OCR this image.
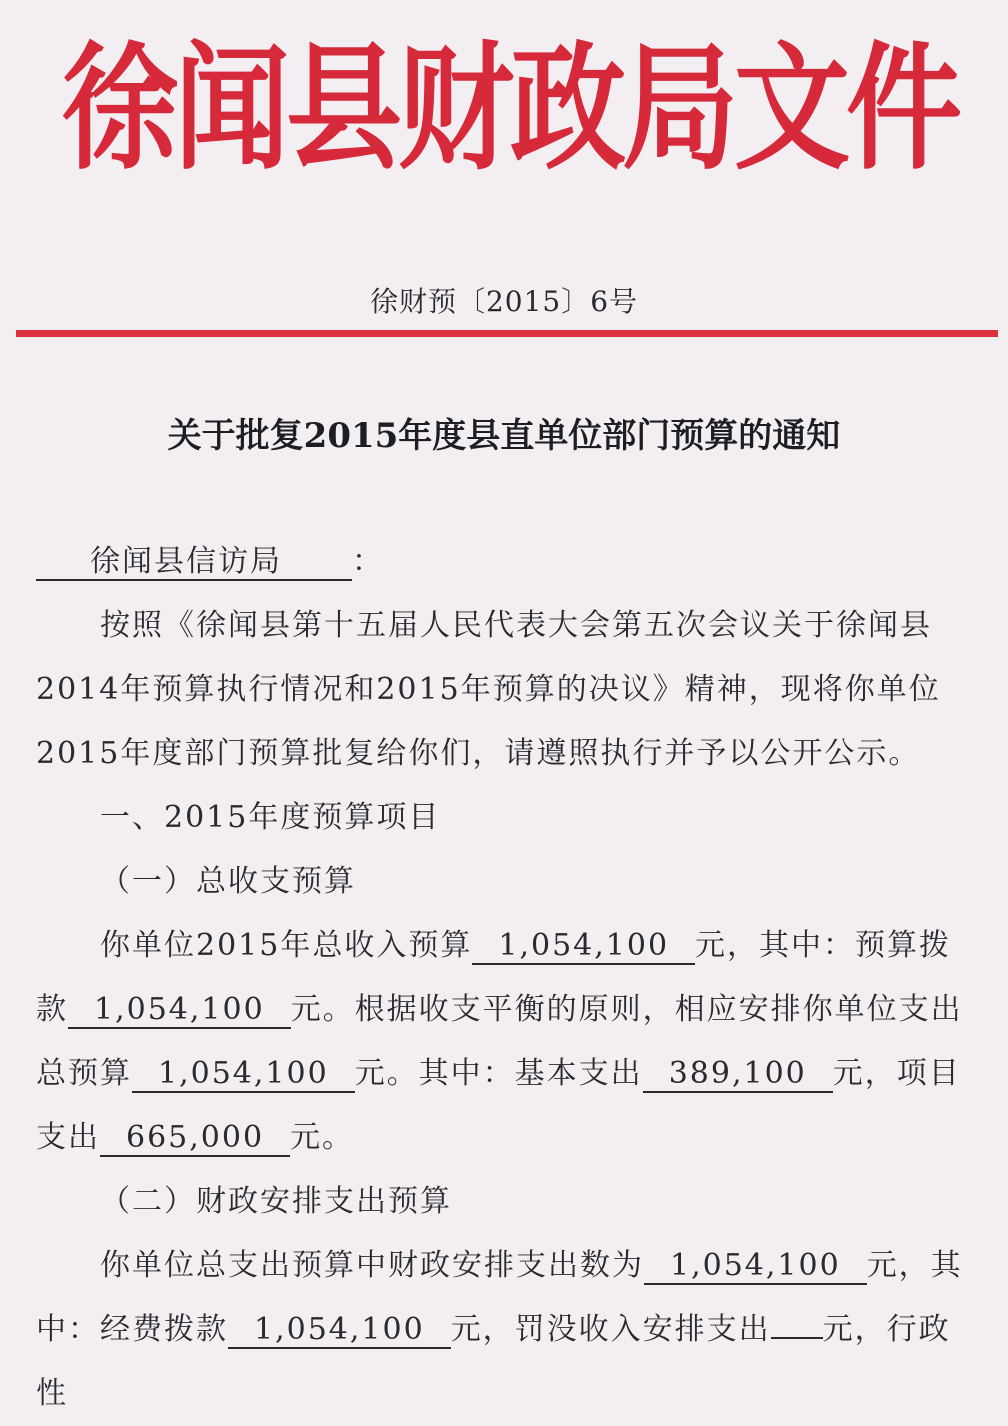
徐闻县财政局文件
徐财预〔2015〕6号
关于批复2015年度县直单位部门预算的通知

徐闻县信访局 ：

按照《徐闻县第十五届人民代表大会第五次会议关于徐闻县2014年预算执行情况和2015年预算的决议》精神，现将你单位2015年度部门预算批复给你们，请遵照执行并予以公开公示。

一、2015年度预算项目

（一）总收支预算

你单位2015年总收入预算 1,054,100 元，其中：预算拨款 1,054,100 元。根据收支平衡的原则，相应安排你单位支出总预算 1,054,100 元。其中：基本支出 389,100 元，项目支出 665,000 元。

（二）财政安排支出预算

你单位总支出预算中财政安排支出数为 1,054,100 元，其中：经费拨款 1,054,100 元，罚没收入安排支出 元，行政性
